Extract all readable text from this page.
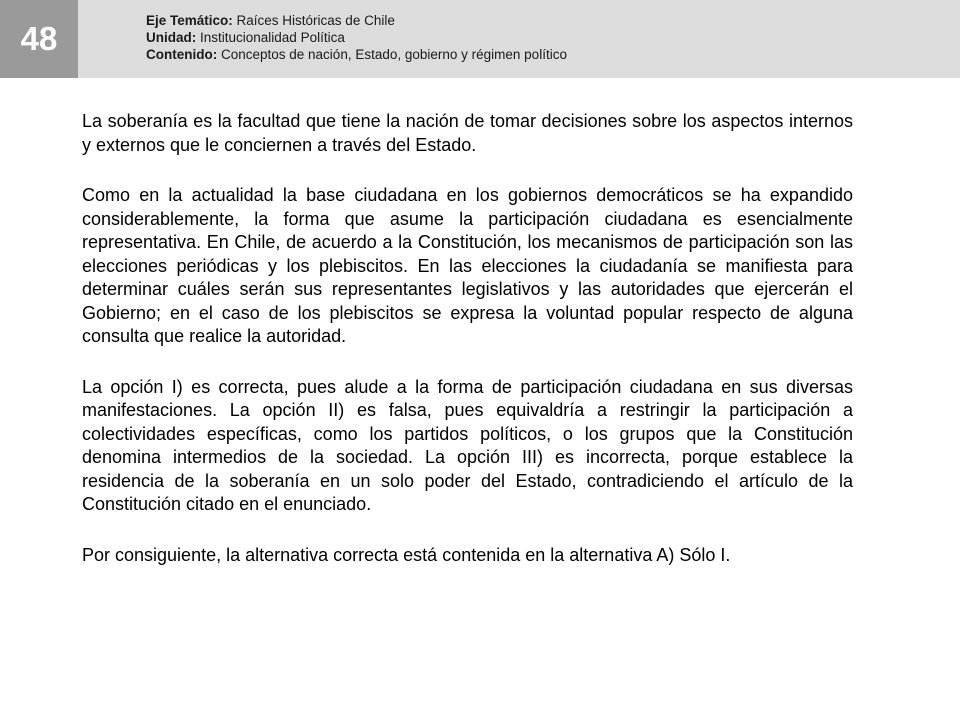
48	Eje Temático: Raíces Históricas de Chile
Unidad: Institucionalidad Política
Contenido: Conceptos de nación, Estado, gobierno y régimen político

La soberanía es la facultad que tiene la nación de tomar decisiones sobre los aspectos internos y externos que le conciernen a través del Estado.

Como en la actualidad la base ciudadana en los gobiernos democráticos se ha expandido considerablemente, la forma que asume la participación ciudadana es esencialmente representativa. En Chile, de acuerdo a la Constitución, los mecanismos de participación son las elecciones periódicas y los plebiscitos. En las elecciones la ciudadanía se manifiesta para determinar cuáles serán sus representantes legislativos y las autoridades que ejercerán el Gobierno; en el caso de los plebiscitos se expresa la voluntad popular respecto de alguna consulta que realice la autoridad.

La opción I) es correcta, pues alude a la forma de participación ciudadana en sus diversas manifestaciones. La opción II) es falsa, pues equivaldría a restringir la participación a colectividades específicas, como los partidos políticos, o los grupos que la Constitución denomina intermedios de la sociedad. La opción III) es incorrecta, porque establece la residencia de la soberanía en un solo poder del Estado, contradiciendo el artículo de la Constitución citado en el enunciado.

Por consiguiente, la alternativa correcta está contenida en la alternativa A) Sólo I.
